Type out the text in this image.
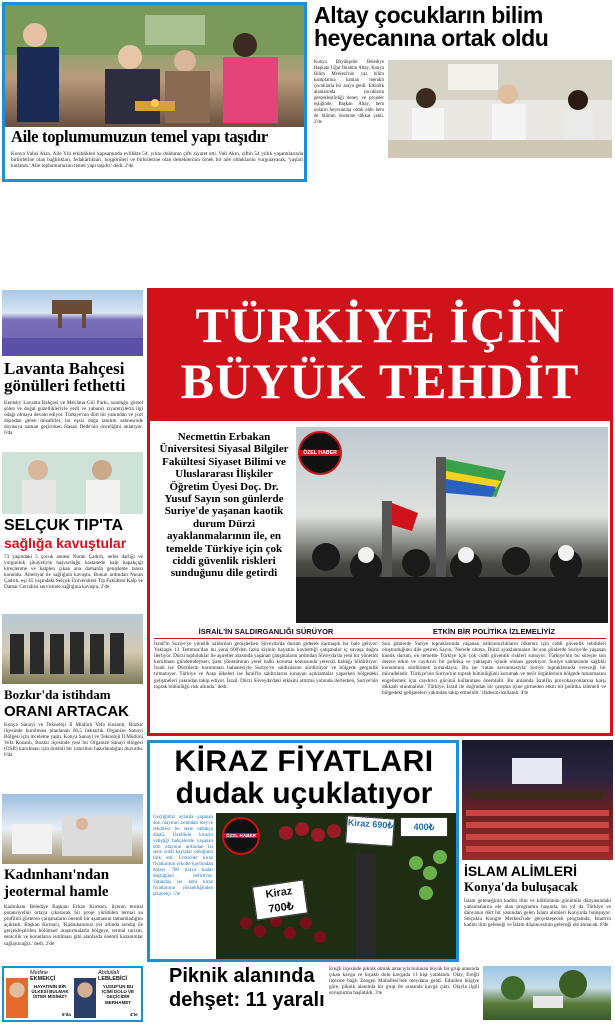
Aile toplumumuzun temel yapı taşıdır
Konya Valisi Akın, Aile Yılı etkinlikleri kapsamında evlilikte 54. yılını dolduran çifti ziyaret etti. Vali Akın, çiftin 54 yıllık yaşantılarında birbirlerine olan bağlılıkları, fedakârlıkları, hoşgörüleri ve birbirlerine olan desteklerinin örnek bir aile olduklarını vurgulayarak, 'yaşları kutlandı.' Aile toplumumuzun temel yapı taşıdır.' dedi. 2'de
Altay çocukların bilim heyecanına ortak oldu
Konya Büyükşehir Belediye Başkanı Uğur İbrahim Altay, Konya Bilim Merkezi'nin yaz bilim kamplarına katılan meraklı çocuklarla bir araya geldi. Etkinlik alanlarında çocukların gerçekleştirdiği deney ve projeler eşliğinde, Başkan Altay, hem onların heyecanına ortak oldu hem de bilimin önemine dikkat çekti. 2'de
Lavanta Bahçesi gönülleri fethetti
Kentsky Lavanta Bahçesi ve Mevlana Gül Parkı, sunduğu görsel şölen ve doğal güzellikleriyle yerli ve yabancı ziyaretçilerin ilgi odağı olmaya devam ediyor. Türkiye'nin dört bir yanından ve yurt dışından gelen misafirler, bu eşsiz doğa tanıtım sahnesinde doyasıya zaman geçirirken Hasan Dede'nin önceliğini anlatıyor. 6'da
SELÇUK TIP'TA
sağlığa kavuştular
73 yaşındaki 5 çocuk annesi Nuran Çadırlı, nefes darlığı ve yorgunluk şikayetiyle başvurduğu hastanede kalp kapakçığı kireçlenme ve kalpten çıkan ana damarda genişleme tanısı konuldu. Ameliyat ile sağlığına kavuştu. Bunun ardından Nuran Çadırlı, eşi 45 yaşındaki Selçuk Üniversitesi Tıp Fakültesi Kalp ve Damar Cerrahisi servisinde sağlığına kavuştu. 2'de
Bozkır'da istihdam
ORANI ARTACAK
Konya Sanayi ve Teknoloji İl Müdürü Vefa Kozanlı, Bozkır ilçesinde kurulması planlanan 60.5 hektarlık Organize Sanayi Bölgesi için inceleme yaptı. Konya Sanayi ve Teknoloji İl Müdürü Vefa Kozanlı, Bozkır ilçesinde yeni bir Organize Sanayi Bölgesi (OSB) kurulması için önemli bir yatırımın hazırlandığını duyurdu. 6'da
Kadınhanı'ndan
jeotermal hamle
Kadınhanı Belediye Başkanı Erhan Kırmacı, ilçenin termal potansiyelini ortaya çıkaracak bir proje yürütülen termal su profilini gösteren çalışmaların önemli bir aşamasını tamamladığını açıkladı. Başkan Kırmacı, 'Kadınhanımız yer altında sondaj ile gerçekleştirilen bölümsel araştırmalarla bölgeye, termal turizm, seracılık ve konutların ısıtılması gibi alanlarda önemli kazanımlar sağlayacağız.' dedi. 2'de
Medine
EKMEKÇİ
HAYATININ BİR ÜLKESİ BULMAK İSTER MİSİNİZ?
6'da
Abdullah
LEBLEBİCİ
YUSUF'UN BU İÇİMİ DOLU VE GEÇİCİDİR MERHAMET
4'te
TÜRKİYE İÇİN
BÜYÜK TEHDİT
Necmettin Erbakan Üniversitesi Siyasal Bilgiler Fakültesi Siyaset Bilimi ve Uluslararası İlişkiler Öğretim Üyesi Doç. Dr. Yusuf Sayın son günlerde Suriye'de yaşanan kaotik durum Dürzi ayaklanmalarının ile, en temelde Türkiye için çok ciddi güvenlik riskleri sunduğunu dile getirdi
ÖZEL HABER
İSRAİL'İN SALDIRGANLIĞI SÜRÜYOR	ETKİN BİR POLİTİKA İZLEMELİYİZ
İsrail'in Suriye'ye yönelik saldırıları genişlerken Süveyda'da durum giderek karmaşık bir hale geliyor. Yaklaşık 13 Temmuz'dan bu yana 600'den fazla kişinin hayatını kaybettiği çatışmalar iç savaşa doğru ilerliyor. Dürzi topluluklar ile aşiretler arasında yaşanan çatışmaların ardından Süveyda'da yeni bir yönetim kurulması gündemdeyken, Şam yönetiminin yerel halkı koruma konusunda yetersiz kaldığı bildiriliyor. İsrail ise Dürzilerin korunması bahanesiyle Suriye'ye saldırılarını sürdürüyor ve bölgede gerginlik tırmanıyor. Türkiye ve Arap ülkeleri ise İsrail'in saldırılarını kınayan açıklamalar yaparken bölgedeki gelişmeleri yakından takip ediyor. İsrail, Dürzi Süveyda'daki etkisini artırma yolunda ilerlerken, Suriye'nin toprak bütünlüğü risk altında.' dedi.
Son günlerde Suriye topraklarında yaşanan istikrarsızlıkların ülkemiz için ciddi güvenlik tehditleri oluşturduğunu dile getiren Sayın, 'Nerede olursa, Dürzi ayaklanmaları ile son günlerde Suriye'de yaşanan kaotik durum, en temelde Türkiye için çok ciddi güvenlik riskleri sunuyor. Türkiye'nin bu süreçte son derece etkin ve caydırıcı bir politika ve yaklaşım içinde olması gerekiyor. Suriye sahnesinde sağlıklı konumunu sürdürmek zorundayız. Bu ise 'vatan savunmasıyla' Suriye topraklarında vereceği bir mücadeledir. Türkiye'nin Suriye'nin toprak bütünlüğünü korumak ve terör örgütlerinin bölgede tutunmasını engellemek için caydırıcı gücünü kullanması önemlidir. Bu anlamda İsrail'in provokasyonlarına karşı dikkatli olunmalıdır.' Türkiye, İsrail ile doğrudan bir çatışma içine girmeden etkin bir politika izlemeli ve bölgedeki gelişmeleri yakından takip etmelidir.' ifadesini kullandı. 4'te
KİRAZ FİYATLARI
dudak uçuklatıyor
Geçtiğimiz aylarda yaşanan don olayının ardından meyve rekoltesi bu sene oldukça düştü. Özellikle kirazın yetiştiği bahçelerde yaşanan don olayının ardından bu sene ciddi kayıplar olduğunu fark etti. Üreticiler kiraz fiyatlarının rekolte kaybından dolayı 700 liraya kadar düştüğünü belirtiyor. Vatandaş ise hem kiraz fiyatlarının yüksekliğinden şikayetçi. 5'te
ÖZEL HABER
Kiraz 700₺
Kiraz 690₺	400₺
İSLAM ALİMLERİ
Konya'da buluşacak
İslam geleneğinin kadim ilim ve kültürünün günümüz dünyasındaki yansımalarını ele alan programın başında, bu yıl da Türkiye ve dünyanın dört bir yanından gelen İslam alimleri Konya'da buluşuyor. Selçuklu Kongre Merkezi'nde gerçekleşecek programda, İslam'ın kadim ilim geleneği ve İslam düşüncesinin geleceği ele alınacak. 8'de
Piknik alanında
dehşet: 11 yaralı
Ereğli ilçesinde piknik olmak amacıyla bulunan büyük bir grup arasında çıkan kavga ve bıçaklı dolu kavgada 11 kişi yaralandı. Olay, Ereğli ilçesine bağlı Zengen Mahallesi'nde meydana geldi. Edinilen bilgiye göre, piknik alanında bir grup ile arasında kavga çıktı. Olayla ilgili soruşturma başlatıldı. 3'te
